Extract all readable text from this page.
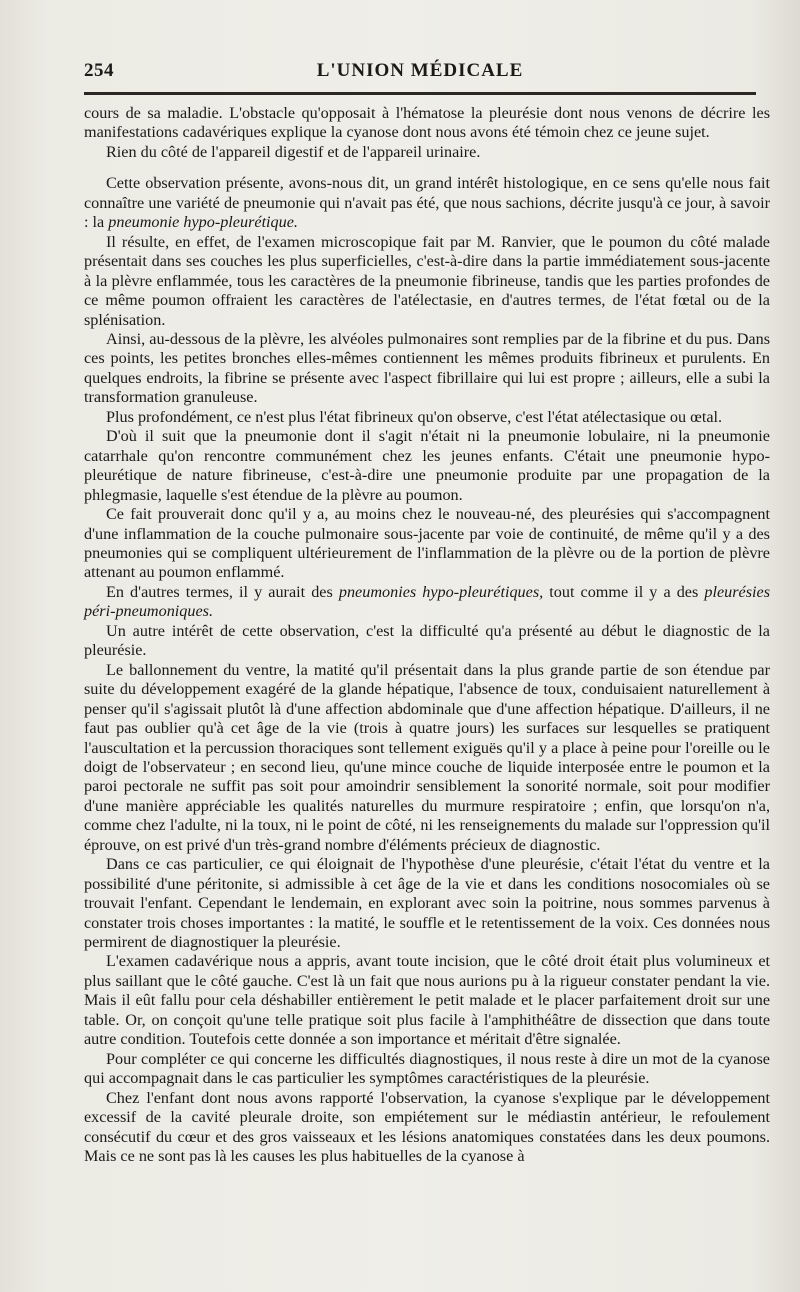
254	L'UNION MÉDICALE

cours de sa maladie. L'obstacle qu'opposait à l'hématose la pleurésie dont nous venons de décrire les manifestations cadavériques explique la cyanose dont nous avons été témoin chez ce jeune sujet.

Rien du côté de l'appareil digestif et de l'appareil urinaire.

Cette observation présente, avons-nous dit, un grand intérêt histologique, en ce sens qu'elle nous fait connaître une variété de pneumonie qui n'avait pas été, que nous sachions, décrite jusqu'à ce jour, à savoir : la pneumonie hypo-pleurétique.

Il résulte, en effet, de l'examen microscopique fait par M. Ranvier, que le poumon du côté malade présentait dans ses couches les plus superficielles, c'est-à-dire dans la partie immédiatement sous-jacente à la plèvre enflammée, tous les caractères de la pneumonie fibrineuse, tandis que les parties profondes de ce même poumon offraient les caractères de l'atélectasie, en d'autres termes, de l'état fœtal ou de la splénisation.

Ainsi, au-dessous de la plèvre, les alvéoles pulmonaires sont remplies par de la fibrine et du pus. Dans ces points, les petites bronches elles-mêmes contiennent les mêmes produits fibrineux et purulents. En quelques endroits, la fibrine se présente avec l'aspect fibrillaire qui lui est propre ; ailleurs, elle a subi la transformation granuleuse.

Plus profondément, ce n'est plus l'état fibrineux qu'on observe, c'est l'état atélectasique ou œtal.

D'où il suit que la pneumonie dont il s'agit n'était ni la pneumonie lobulaire, ni la pneumonie catarrhale qu'on rencontre communément chez les jeunes enfants. C'était une pneumonie hypo-pleurétique de nature fibrineuse, c'est-à-dire une pneumonie produite par une propagation de la phlegmasie, laquelle s'est étendue de la plèvre au poumon.

Ce fait prouverait donc qu'il y a, au moins chez le nouveau-né, des pleurésies qui s'accompagnent d'une inflammation de la couche pulmonaire sous-jacente par voie de continuité, de même qu'il y a des pneumonies qui se compliquent ultérieurement de l'inflammation de la plèvre ou de la portion de plèvre attenant au poumon enflammé.

En d'autres termes, il y aurait des pneumonies hypo-pleurétiques, tout comme il y a des pleurésies péri-pneumoniques.

Un autre intérêt de cette observation, c'est la difficulté qu'a présenté au début le diagnostic de la pleurésie.

Le ballonnement du ventre, la matité qu'il présentait dans la plus grande partie de son étendue par suite du développement exagéré de la glande hépatique, l'absence de toux, conduisaient naturellement à penser qu'il s'agissait plutôt là d'une affection abdominale que d'une affection hépatique. D'ailleurs, il ne faut pas oublier qu'à cet âge de la vie (trois à quatre jours) les surfaces sur lesquelles se pratiquent l'auscultation et la percussion thoraciques sont tellement exiguës qu'il y a place à peine pour l'oreille ou le doigt de l'observateur ; en second lieu, qu'une mince couche de liquide interposée entre le poumon et la paroi pectorale ne suffit pas soit pour amoindrir sensiblement la sonorité normale, soit pour modifier d'une manière appréciable les qualités naturelles du murmure respiratoire ; enfin, que lorsqu'on n'a, comme chez l'adulte, ni la toux, ni le point de côté, ni les renseignements du malade sur l'oppression qu'il éprouve, on est privé d'un très-grand nombre d'éléments précieux de diagnostic.

Dans ce cas particulier, ce qui éloignait de l'hypothèse d'une pleurésie, c'était l'état du ventre et la possibilité d'une péritonite, si admissible à cet âge de la vie et dans les conditions nosocomiales où se trouvait l'enfant. Cependant le lendemain, en explorant avec soin la poitrine, nous sommes parvenus à constater trois choses importantes : la matité, le souffle et le retentissement de la voix. Ces données nous permirent de diagnostiquer la pleurésie.

L'examen cadavérique nous a appris, avant toute incision, que le côté droit était plus volumineux et plus saillant que le côté gauche. C'est là un fait que nous aurions pu à la rigueur constater pendant la vie. Mais il eût fallu pour cela déshabiller entièrement le petit malade et le placer parfaitement droit sur une table. Or, on conçoit qu'une telle pratique soit plus facile à l'amphithéâtre de dissection que dans toute autre condition. Toutefois cette donnée a son importance et méritait d'être signalée.

Pour compléter ce qui concerne les difficultés diagnostiques, il nous reste à dire un mot de la cyanose qui accompagnait dans le cas particulier les symptômes caractéristiques de la pleurésie.

Chez l'enfant dont nous avons rapporté l'observation, la cyanose s'explique par le développement excessif de la cavité pleurale droite, son empiétement sur le médiastin antérieur, le refoulement consécutif du cœur et des gros vaisseaux et les lésions anatomiques constatées dans les deux poumons. Mais ce ne sont pas là les causes les plus habituelles de la cyanose à
